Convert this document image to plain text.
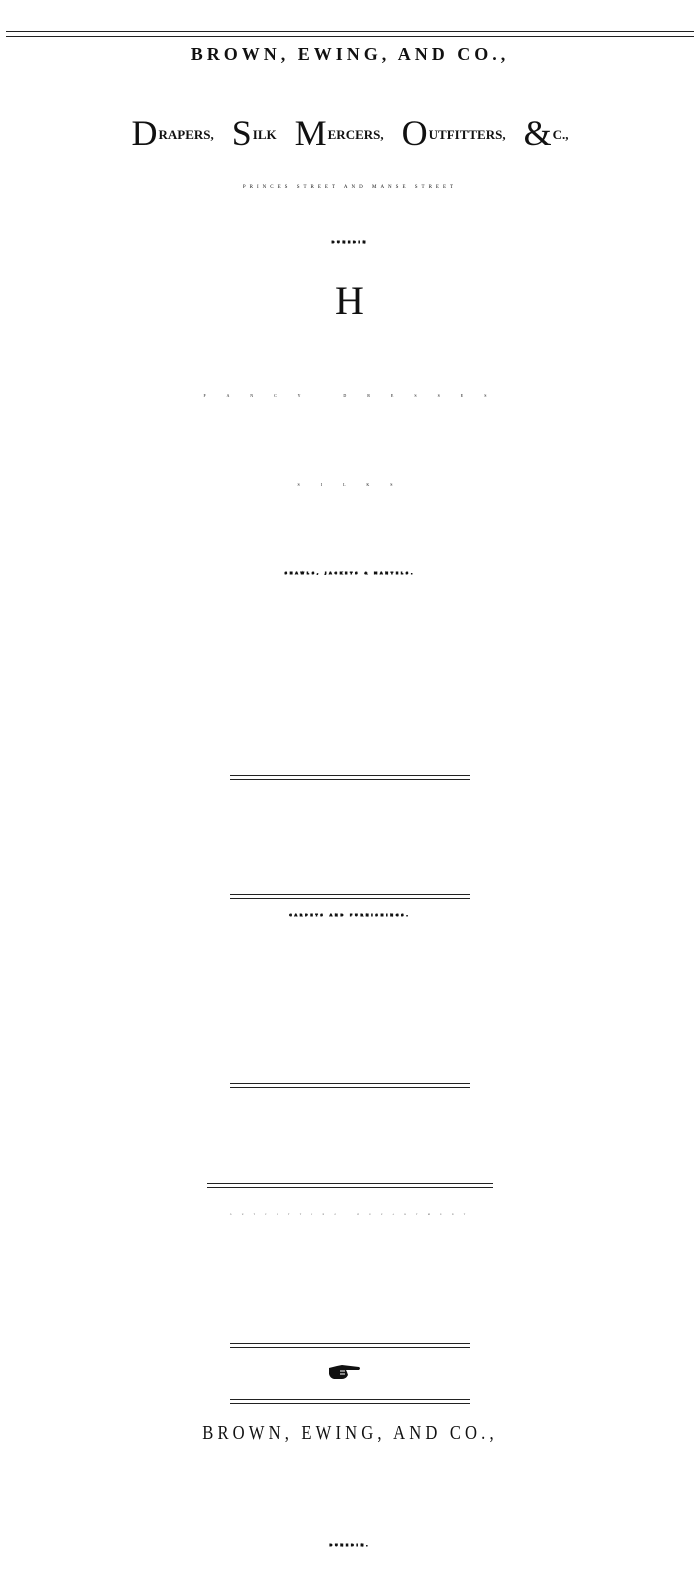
BROWN, EWING, AND CO.,
DRAPERS, SILK MERCERS, OUTFITTERS, &C.,
PRINCES STREET AND MANSE STREET
DUNEDIN
H
F A N C Y   D R E S S E S
S I L K S
SHAWLS, JACKETS & MANTELS.
CARPETS AND FURNISHINGS.
O U T F I T T I N G   D E P A R T M E N T
BROWN, EWING, AND CO.,
DUNEDIN.
